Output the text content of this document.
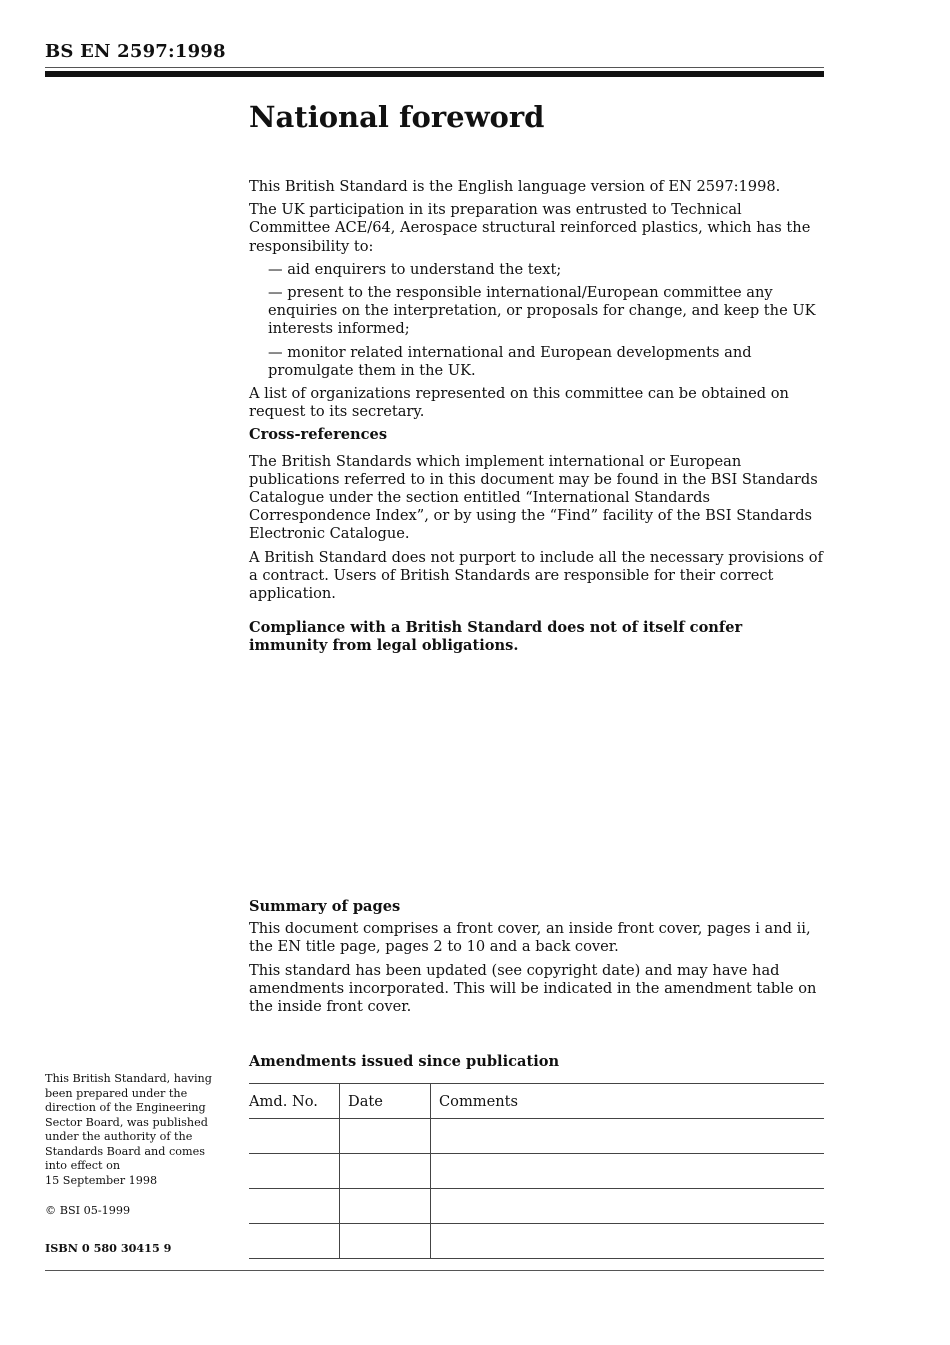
BS EN 2597:1998
National foreword

This British Standard is the English language version of EN 2597:1998.

The UK participation in its preparation was entrusted to Technical Committee ACE/64, Aerospace structural reinforced plastics, which has the responsibility to:

— aid enquirers to understand the text;

— present to the responsible international/European committee any enquiries on the interpretation, or proposals for change, and keep the UK interests informed;

— monitor related international and European developments and promulgate them in the UK.

A list of organizations represented on this committee can be obtained on request to its secretary.

Cross-references

The British Standards which implement international or European publications referred to in this document may be found in the BSI Standards Catalogue under the section entitled “International Standards Correspondence Index”, or by using the “Find” facility of the BSI Standards Electronic Catalogue.

A British Standard does not purport to include all the necessary provisions of a contract. Users of British Standards are responsible for their correct application.

Compliance with a British Standard does not of itself confer immunity from legal obligations.

Summary of pages

This document comprises a front cover, an inside front cover, pages i and ii, the EN title page, pages 2 to 10 and a back cover.

This standard has been updated (see copyright date) and may have had amendments incorporated. This will be indicated in the amendment table on the inside front cover.

Amendments issued since publication
Amd. No.	Date	Comments

This British Standard, having been prepared under the direction of the Engineering Sector Board, was published under the authority of the Standards Board and comes into effect on

15 September 1998

© BSI 05-1999

ISBN 0 580 30415 9
